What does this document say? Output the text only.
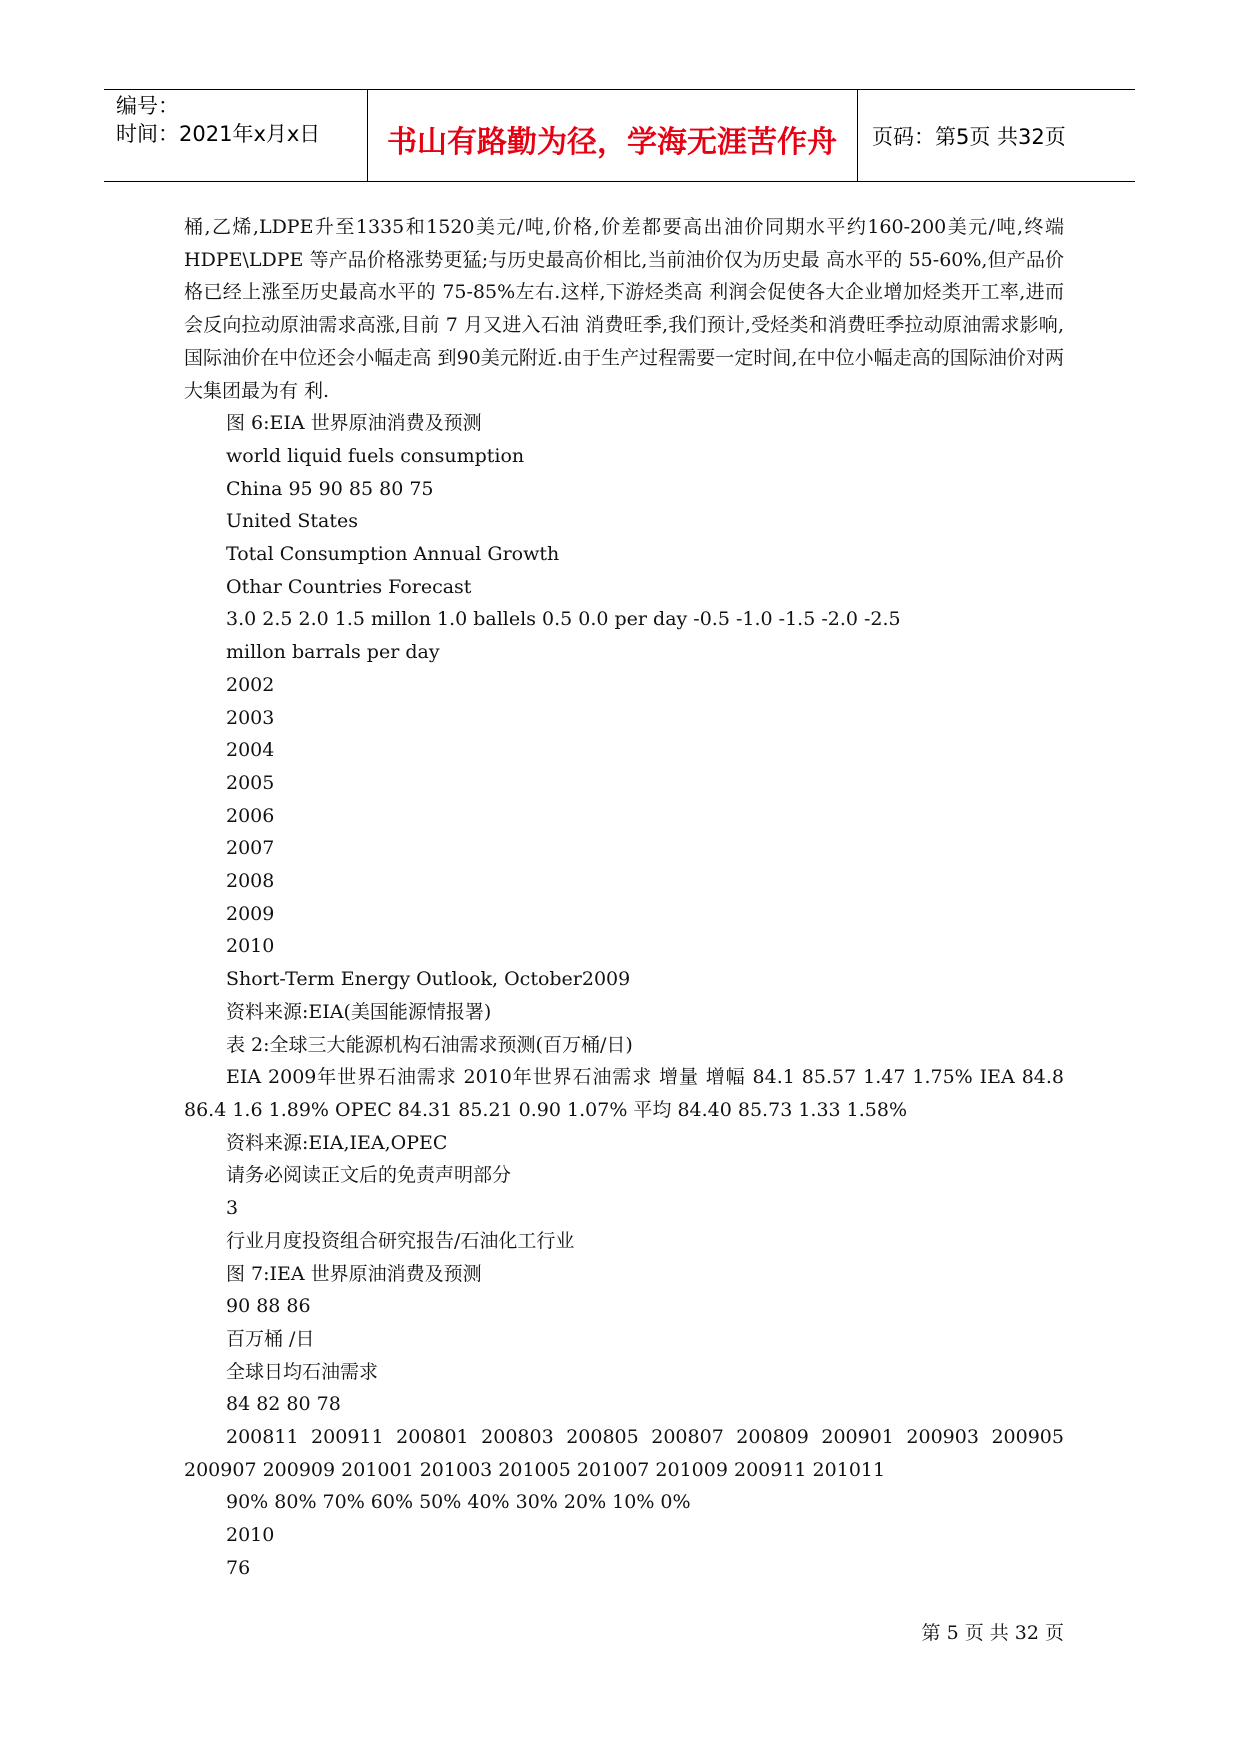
编号：
时间：2021年x月x日	书山有路勤为径，学海无涯苦作舟	页码：第5页 共32页

桶,乙烯,LDPE升至1335和1520美元/吨,价格,价差都要高出油价同期水平约160-200美元/吨,终端 HDPE\LDPE 等产品价格涨势更猛;与历史最高价相比,当前油价仅为历史最 高水平的 55-60%,但产品价格已经上涨至历史最高水平的 75-85%左右.这样,下游烃类高 利润会促使各大企业增加烃类开工率,进而会反向拉动原油需求高涨,目前 7 月又进入石油 消费旺季,我们预计,受烃类和消费旺季拉动原油需求影响,国际油价在中位还会小幅走高 到90美元附近.由于生产过程需要一定时间,在中位小幅走高的国际油价对两大集团最为有 利.

图 6:EIA 世界原油消费及预测

world liquid fuels consumption

China 95 90 85 80 75

United States

Total Consumption Annual Growth

Othar Countries Forecast

3.0 2.5 2.0 1.5 millon 1.0 ballels 0.5 0.0 per day -0.5 -1.0 -1.5 -2.0 -2.5

millon barrals per day

2002

2003

2004

2005

2006

2007

2008

2009

2010

Short-Term Energy Outlook, October2009

资料来源:EIA(美国能源情报署)

表 2:全球三大能源机构石油需求预测(百万桶/日)

EIA 2009年世界石油需求 2010年世界石油需求 增量 增幅 84.1 85.57 1.47 1.75% IEA 84.8 86.4 1.6 1.89% OPEC 84.31 85.21 0.90 1.07% 平均 84.40 85.73 1.33 1.58%

资料来源:EIA,IEA,OPEC

请务必阅读正文后的免责声明部分

3

行业月度投资组合研究报告/石油化工行业

图 7:IEA 世界原油消费及预测

90 88 86

百万桶 /日

全球日均石油需求

84 82 80 78

200811 200911 200801 200803 200805 200807 200809 200901 200903 200905 200907 200909 201001 201003 201005 201007 201009 200911 201011

90% 80% 70% 60% 50% 40% 30% 20% 10% 0%

2010

76

第 5 页 共 32 页
